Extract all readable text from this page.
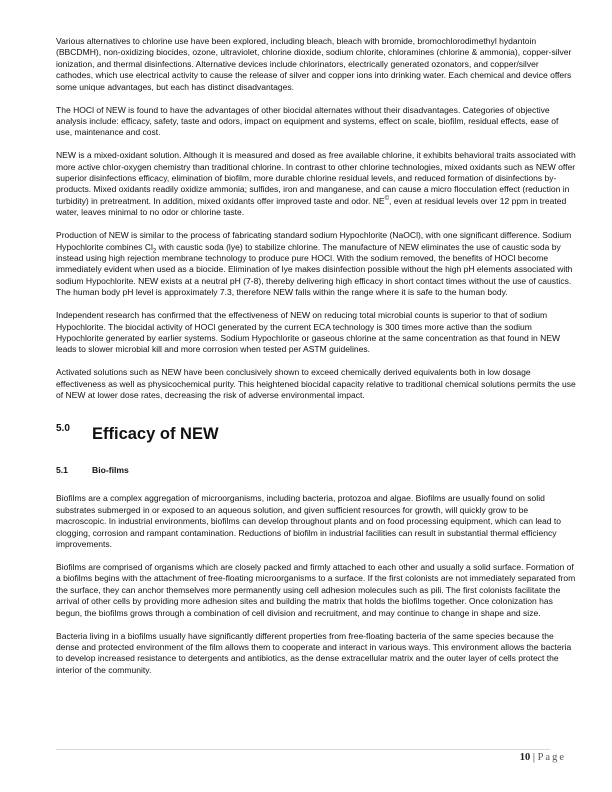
Various alternatives to chlorine use have been explored, including bleach, bleach with bromide, bromochlorodimethyl hydantoin (BBCDMH), non-oxidizing biocides, ozone, ultraviolet, chlorine dioxide, sodium chlorite, chloramines (chlorine & ammonia), copper-silver ionization, and thermal disinfections. Alternative devices include chlorinators, electrically generated ozonators, and copper/silver cathodes, which use electrical activity to cause the release of silver and copper ions into drinking water. Each chemical and device offers some unique advantages, but each has distinct disadvantages.

The HOCl of NEW is found to have the advantages of other biocidal alternates without their disadvantages. Categories of objective analysis include: efficacy, safety, taste and odors, impact on equipment and systems, effect on scale, biofilm, residual effects, ease of use, maintenance and cost.

NEW is a mixed-oxidant solution. Although it is measured and dosed as free available chlorine, it exhibits behavioral traits associated with more active chlor-oxygen chemistry than traditional chlorine. In contrast to other chlorine technologies, mixed oxidants such as NEW offer superior disinfections efficacy, elimination of biofilm, more durable chlorine residual levels, and reduced formation of disinfections by-products. Mixed oxidants readily oxidize ammonia; sulfides, iron and manganese, and can cause a micro flocculation effect (reduction in turbidity) in pretreatment. In addition, mixed oxidants offer improved taste and odor. NE©, even at residual levels over 12 ppm in treated water, leaves minimal to no odor or chlorine taste.

Production of NEW is similar to the process of fabricating standard sodium Hypochlorite (NaOCl), with one significant difference. Sodium Hypochlorite combines $Cl_2$ with caustic soda (lye) to stabilize chlorine. The manufacture of NEW eliminates the use of caustic soda by instead using high rejection membrane technology to produce pure HOCl. With the sodium removed, the benefits of HOCl become immediately evident when used as a biocide. Elimination of lye makes disinfection possible without the high pH elements associated with sodium Hypochlorite. NEW exists at a neutral pH (7-8), thereby delivering high efficacy in short contact times without the use of caustics. The human body pH level is approximately 7.3, therefore NEW falls within the range where it is safe to the human body.

Independent research has confirmed that the effectiveness of NEW on reducing total microbial counts is superior to that of sodium Hypochlorite. The biocidal activity of HOCl generated by the current ECA technology is 300 times more active than the sodium Hypochlorite generated by earlier systems. Sodium Hypochlorite or gaseous chlorine at the same concentration as that found in NEW leads to slower microbial kill and more corrosion when tested per ASTM guidelines.

Activated solutions such as NEW have been conclusively shown to exceed chemically derived equivalents both in low dosage effectiveness as well as physicochemical purity. This heightened biocidal capacity relative to traditional chemical solutions permits the use of NEW at lower dose rates, decreasing the risk of adverse environmental impact.

5.0 Efficacy of NEW
5.1	Bio-films

Biofilms are a complex aggregation of microorganisms, including bacteria, protozoa and algae. Biofilms are usually found on solid substrates submerged in or exposed to an aqueous solution, and given sufficient resources for growth, will quickly grow to be macroscopic. In industrial environments, biofilms can develop throughout plants and on food processing equipment, which can lead to clogging, corrosion and rampant contamination. Reductions of biofilm in industrial facilities can result in substantial thermal efficiency improvements.

Biofilms are comprised of organisms which are closely packed and firmly attached to each other and usually a solid surface. Formation of a biofilms begins with the attachment of free-floating microorganisms to a surface. If the first colonists are not immediately separated from the surface, they can anchor themselves more permanently using cell adhesion molecules such as pili. The first colonists facilitate the arrival of other cells by providing more adhesion sites and building the matrix that holds the biofilms together. Once colonization has begun, the biofilms grows through a combination of cell division and recruitment, and may continue to change in shape and size.

Bacteria living in a biofilms usually have significantly different properties from free-floating bacteria of the same species because the dense and protected environment of the film allows them to cooperate and interact in various ways. This environment allows the bacteria to develop increased resistance to detergents and antibiotics, as the dense extracellular matrix and the outer layer of cells protect the interior of the community.

10 | Page
